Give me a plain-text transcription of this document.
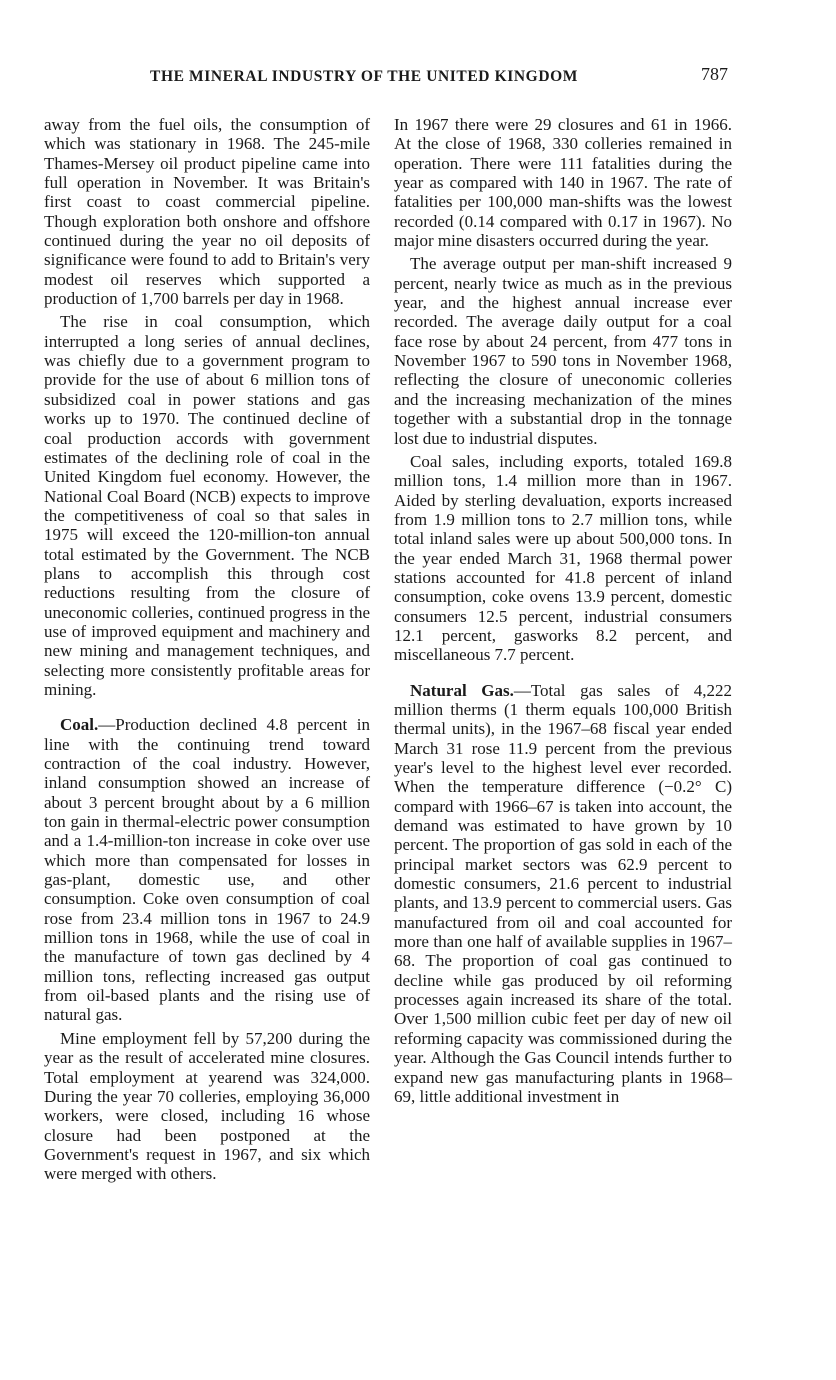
THE MINERAL INDUSTRY OF THE UNITED KINGDOM	787

away from the fuel oils, the consumption of which was stationary in 1968. The 245-mile Thames-Mersey oil product pipeline came into full operation in November. It was Britain's first coast to coast commercial pipeline. Though exploration both onshore and offshore continued during the year no oil deposits of significance were found to add to Britain's very modest oil reserves which supported a production of 1,700 barrels per day in 1968.

The rise in coal consumption, which interrupted a long series of annual declines, was chiefly due to a government program to provide for the use of about 6 million tons of subsidized coal in power stations and gas works up to 1970. The continued decline of coal production accords with government estimates of the declining role of coal in the United Kingdom fuel economy. However, the National Coal Board (NCB) expects to improve the competitiveness of coal so that sales in 1975 will exceed the 120-million-ton annual total estimated by the Government. The NCB plans to accomplish this through cost reductions resulting from the closure of uneconomic colleries, continued progress in the use of improved equipment and machinery and new mining and management techniques, and selecting more consistently profitable areas for mining.

Coal.—Production declined 4.8 percent in line with the continuing trend toward contraction of the coal industry. However, inland consumption showed an increase of about 3 percent brought about by a 6 million ton gain in thermal-electric power consumption and a 1.4-million-ton increase in coke over use which more than compensated for losses in gas-plant, domestic use, and other consumption. Coke oven consumption of coal rose from 23.4 million tons in 1967 to 24.9 million tons in 1968, while the use of coal in the manufacture of town gas declined by 4 million tons, reflecting increased gas output from oil-based plants and the rising use of natural gas.

Mine employment fell by 57,200 during the year as the result of accelerated mine closures. Total employment at yearend was 324,000. During the year 70 colleries, employing 36,000 workers, were closed, including 16 whose closure had been postponed at the Government's request in 1967, and six which were merged with others.

In 1967 there were 29 closures and 61 in 1966. At the close of 1968, 330 colleries remained in operation. There were 111 fatalities during the year as compared with 140 in 1967. The rate of fatalities per 100,000 man-shifts was the lowest recorded (0.14 compared with 0.17 in 1967). No major mine disasters occurred during the year.

The average output per man-shift increased 9 percent, nearly twice as much as in the previous year, and the highest annual increase ever recorded. The average daily output for a coal face rose by about 24 percent, from 477 tons in November 1967 to 590 tons in November 1968, reflecting the closure of uneconomic colleries and the increasing mechanization of the mines together with a substantial drop in the tonnage lost due to industrial disputes.

Coal sales, including exports, totaled 169.8 million tons, 1.4 million more than in 1967. Aided by sterling devaluation, exports increased from 1.9 million tons to 2.7 million tons, while total inland sales were up about 500,000 tons. In the year ended March 31, 1968 thermal power stations accounted for 41.8 percent of inland consumption, coke ovens 13.9 percent, domestic consumers 12.5 percent, industrial consumers 12.1 percent, gasworks 8.2 percent, and miscellaneous 7.7 percent.

Natural Gas.—Total gas sales of 4,222 million therms (1 therm equals 100,000 British thermal units), in the 1967–68 fiscal year ended March 31 rose 11.9 percent from the previous year's level to the highest level ever recorded. When the temperature difference (−0.2° C) compard with 1966–67 is taken into account, the demand was estimated to have grown by 10 percent. The proportion of gas sold in each of the principal market sectors was 62.9 percent to domestic consumers, 21.6 percent to industrial plants, and 13.9 percent to commercial users. Gas manufactured from oil and coal accounted for more than one half of available supplies in 1967–68. The proportion of coal gas continued to decline while gas produced by oil reforming processes again increased its share of the total. Over 1,500 million cubic feet per day of new oil reforming capacity was commissioned during the year. Although the Gas Council intends further to expand new gas manufacturing plants in 1968–69, little additional investment in
